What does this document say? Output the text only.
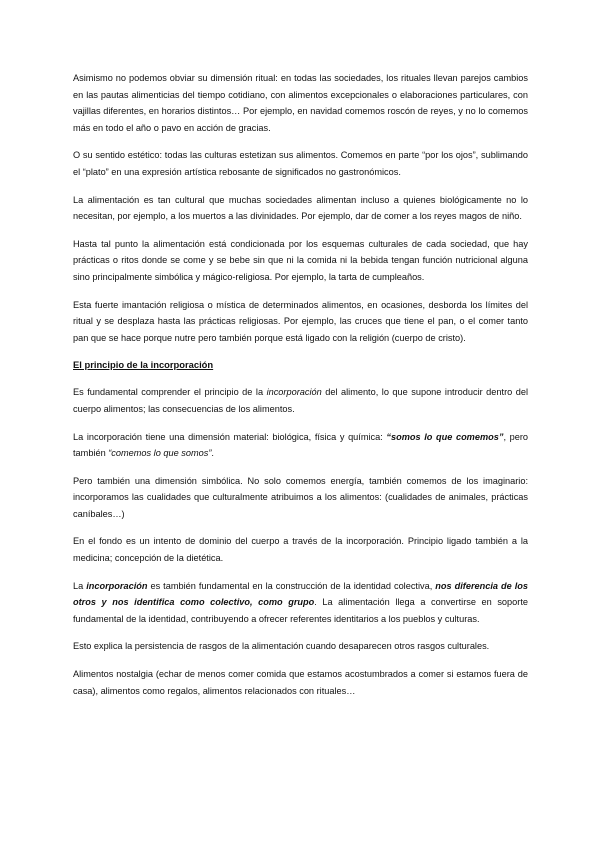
Asimismo no podemos obviar su dimensión ritual: en todas las sociedades, los rituales llevan parejos cambios en las pautas alimenticias del tiempo cotidiano, con alimentos excepcionales o elaboraciones particulares, con vajillas diferentes, en horarios distintos… Por ejemplo, en navidad comemos roscón de reyes, y no lo comemos más en todo el año o pavo en acción de gracias.

O su sentido estético: todas las culturas estetizan sus alimentos. Comemos en parte “por los ojos”, sublimando el “plato” en una expresión artística rebosante de significados no gastronómicos.

La alimentación es tan cultural que muchas sociedades alimentan incluso a quienes biológicamente no lo necesitan, por ejemplo, a los muertos a las divinidades. Por ejemplo, dar de comer a los reyes magos de niño.

Hasta tal punto la alimentación está condicionada por los esquemas culturales de cada sociedad, que hay prácticas o ritos donde se come y se bebe sin que ni la comida ni la bebida tengan función nutricional alguna sino principalmente simbólica y mágico-religiosa. Por ejemplo, la tarta de cumpleaños.

Esta fuerte imantación religiosa o mística de determinados alimentos, en ocasiones, desborda los límites del ritual y se desplaza hasta las prácticas religiosas. Por ejemplo, las cruces que tiene el pan, o el comer tanto pan que se hace porque nutre pero también porque está ligado con la religión (cuerpo de cristo).

El principio de la incorporación

Es fundamental comprender el principio de la incorporación del alimento, lo que supone introducir dentro del cuerpo alimentos; las consecuencias de los alimentos.

La incorporación tiene una dimensión material: biológica, física y química: “somos lo que comemos”, pero también “comemos lo que somos”.

Pero también una dimensión simbólica. No solo comemos energía, también comemos de los imaginario: incorporamos las cualidades que culturalmente atribuimos a los alimentos: (cualidades de animales, prácticas caníbales…)

En el fondo es un intento de dominio del cuerpo a través de la incorporación. Principio ligado también a la medicina; concepción de la dietética.

La incorporación es también fundamental en la construcción de la identidad colectiva, nos diferencia de los otros y nos identifica como colectivo, como grupo. La alimentación llega a convertirse en soporte fundamental de la identidad, contribuyendo a ofrecer referentes identitarios a los pueblos y culturas.

Esto explica la persistencia de rasgos de la alimentación cuando desaparecen otros rasgos culturales.

Alimentos nostalgia (echar de menos comer comida que estamos acostumbrados a comer si estamos fuera de casa), alimentos como regalos, alimentos relacionados con rituales…
